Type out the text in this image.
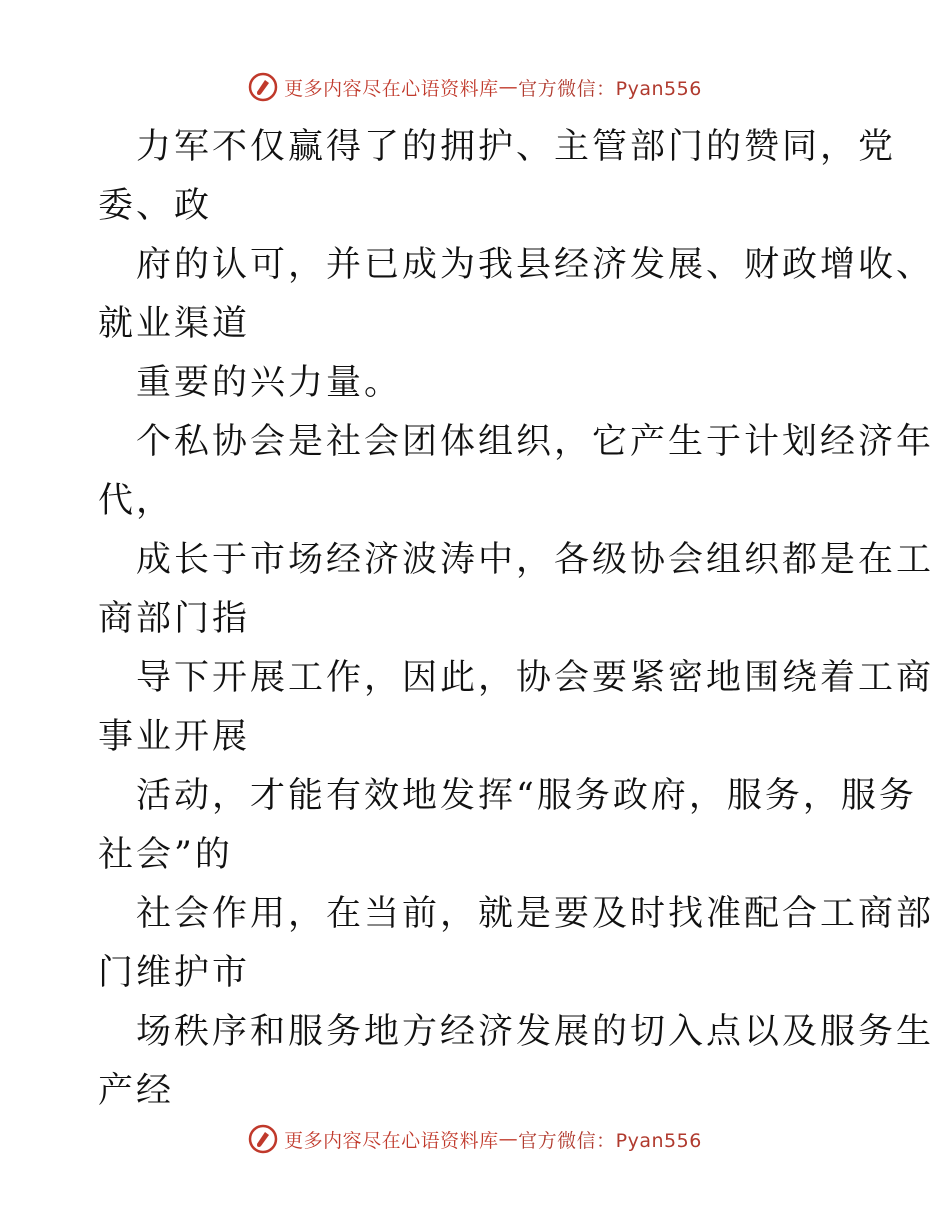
更多内容尽在心语资料库 — 官方微信：Pyan556

力军不仅赢得了的拥护、主管部门的赞同，党
委、政

府的认可，并已成为我县经济发展、财政增收、
就业渠道

重要的兴力量。

个私协会是社会团体组织，它产生于计划经济年
代，

成长于市场经济波涛中，各级协会组织都是在工
商部门指

导下开展工作，因此，协会要紧密地围绕着工商
事业开展

活动，才能有效地发挥“服务政府，服务，服务
社会”的

社会作用，在当前，就是要及时找准配合工商部
门维护市

场秩序和服务地方经济发展的切入点以及服务生
产经

更多内容尽在心语资料库 — 官方微信：Pyan556
